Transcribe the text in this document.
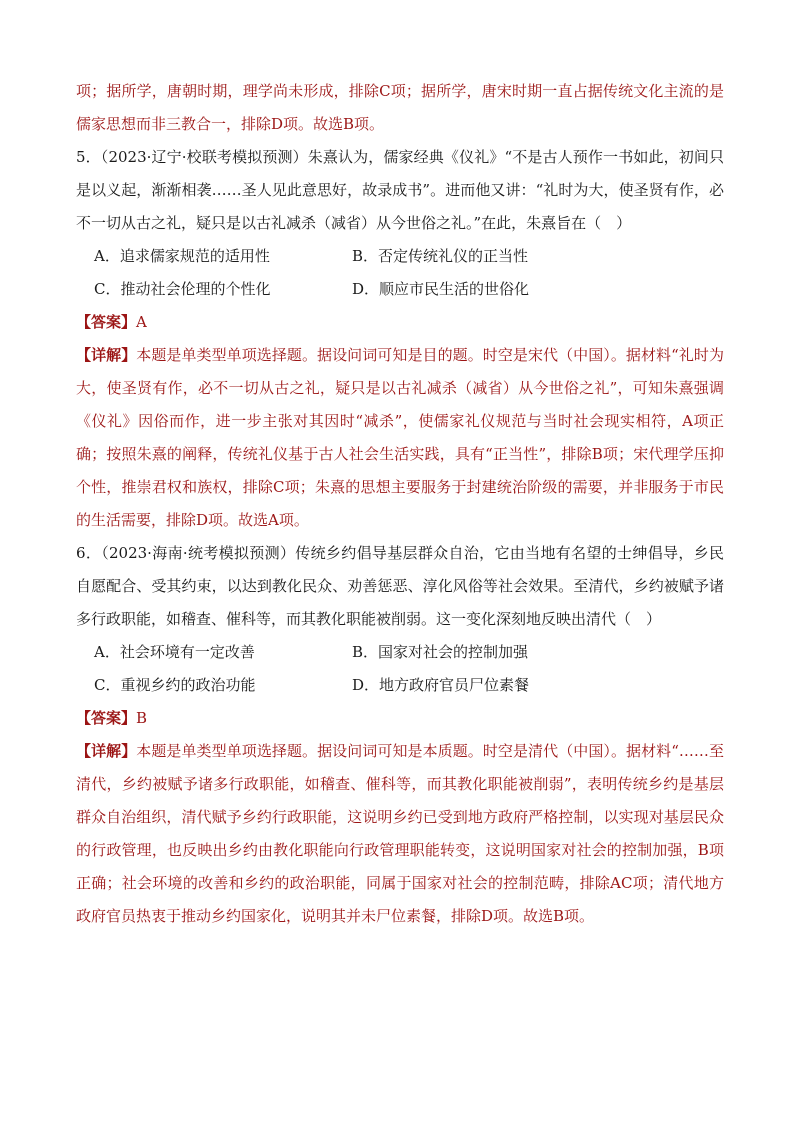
项；据所学，唐朝时期，理学尚未形成，排除C项；据所学，唐宋时期一直占据传统文化主流的是儒家思想而非三教合一，排除D项。故选B项。

5．（2023·辽宁·校联考模拟预测）朱熹认为，儒家经典《仪礼》“不是古人预作一书如此，初间只是以义起，渐渐相袭……圣人见此意思好，故录成书”。进而他又讲：“礼时为大，使圣贤有作，必不一切从古之礼，疑只是以古礼减杀（减省）从今世俗之礼。”在此，朱熹旨在（　）

A．追求儒家规范的适用性	B．否定传统礼仪的正当性
C．推动社会伦理的个性化	D．顺应市民生活的世俗化

【答案】A

【详解】本题是单类型单项选择题。据设问词可知是目的题。时空是宋代（中国）。据材料“礼时为大，使圣贤有作，必不一切从古之礼，疑只是以古礼减杀（减省）从今世俗之礼”，可知朱熹强调《仪礼》因俗而作，进一步主张对其因时“减杀”，使儒家礼仪规范与当时社会现实相符，A项正确；按照朱熹的阐释，传统礼仪基于古人社会生活实践，具有“正当性”，排除B项；宋代理学压抑个性，推崇君权和族权，排除C项；朱熹的思想主要服务于封建统治阶级的需要，并非服务于市民的生活需要，排除D项。故选A项。

6．（2023·海南·统考模拟预测）传统乡约倡导基层群众自治，它由当地有名望的士绅倡导，乡民自愿配合、受其约束，以达到教化民众、劝善惩恶、淳化风俗等社会效果。至清代，乡约被赋予诸多行政职能，如稽查、催科等，而其教化职能被削弱。这一变化深刻地反映出清代（　）

A．社会环境有一定改善	B．国家对社会的控制加强
C．重视乡约的政治功能	D．地方政府官员尸位素餐

【答案】B

【详解】本题是单类型单项选择题。据设问词可知是本质题。时空是清代（中国）。据材料“……至清代，乡约被赋予诸多行政职能，如稽查、催科等，而其教化职能被削弱”，表明传统乡约是基层群众自治组织，清代赋予乡约行政职能，这说明乡约已受到地方政府严格控制，以实现对基层民众的行政管理，也反映出乡约由教化职能向行政管理职能转变，这说明国家对社会的控制加强，B项正确；社会环境的改善和乡约的政治职能，同属于国家对社会的控制范畴，排除AC项；清代地方政府官员热衷于推动乡约国家化，说明其并未尸位素餐，排除D项。故选B项。
